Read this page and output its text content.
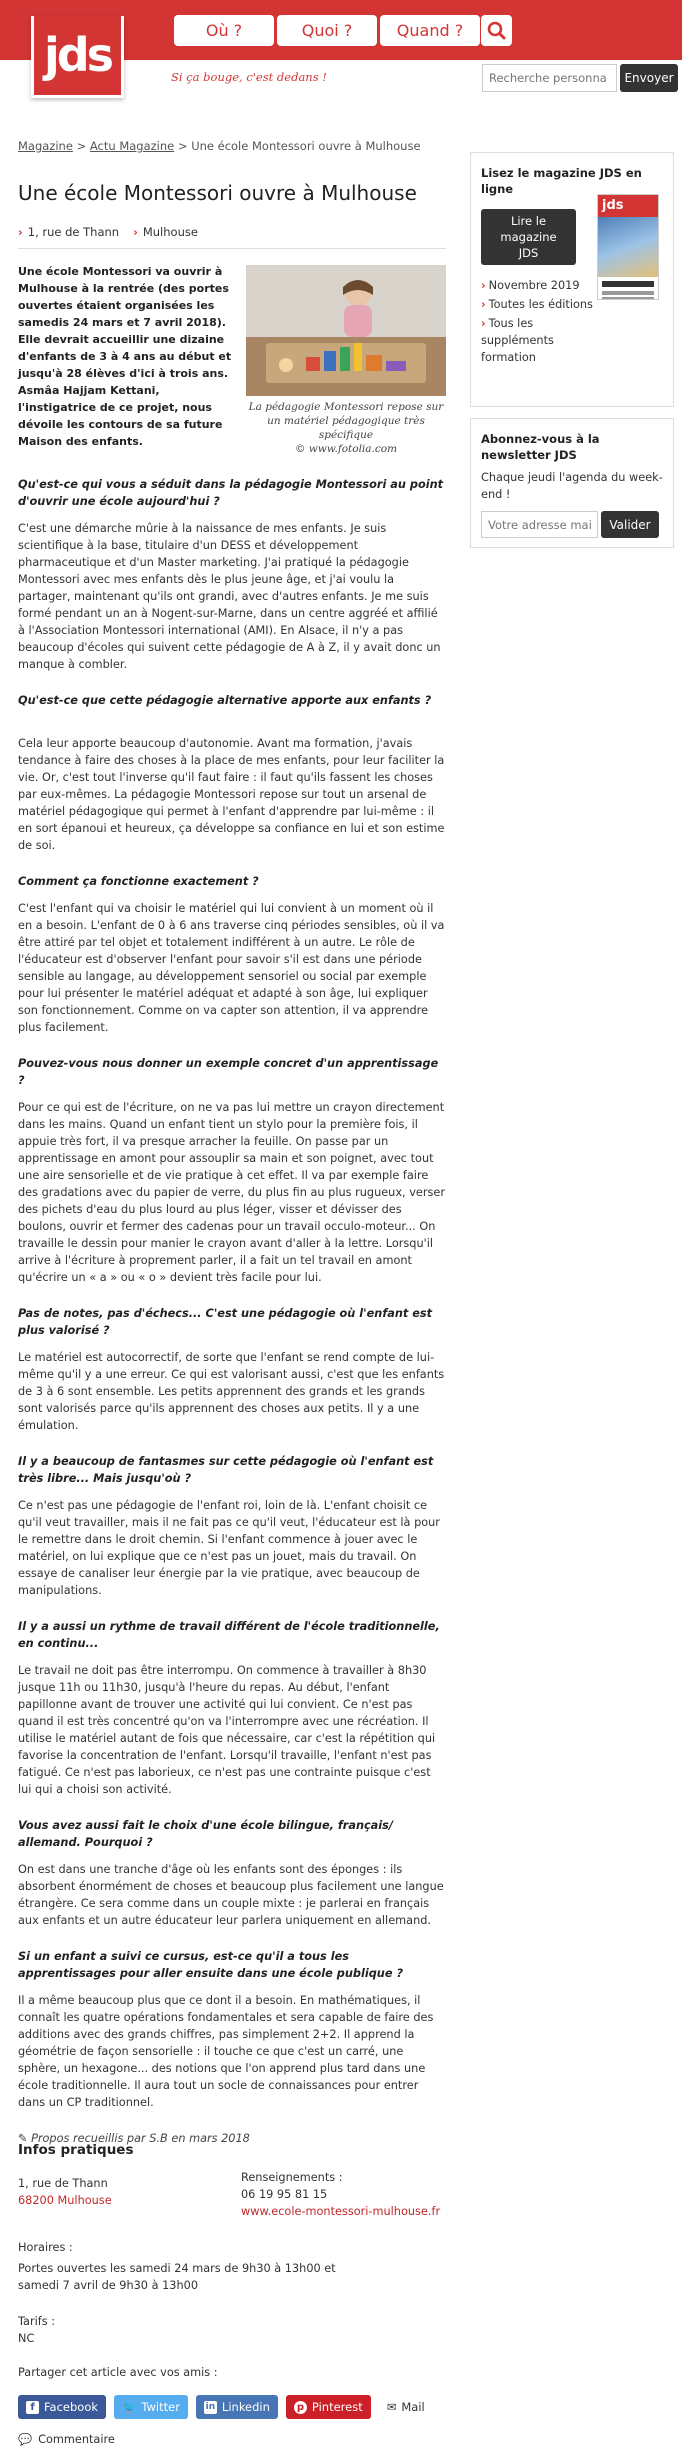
jds	Où ?	Quoi ?	Quand ?
Si ça bouge, c'est dedans !
Recherche personna	Envoyer
Magazine > Actu Magazine > Une école Montessori ouvre à Mulhouse
Une école Montessori ouvre à Mulhouse
› 1, rue de Thann › Mulhouse
Une école Montessori va ouvrir à Mulhouse à la rentrée (des portes ouvertes étaient organisées les samedis 24 mars et 7 avril 2018). Elle devrait accueillir une dizaine d'enfants de 3 à 4 ans au début et jusqu'à 28 élèves d'ici à trois ans. Asmâa Hajjam Kettani, l'instigatrice de ce projet, nous dévoile les contours de sa future Maison des enfants.
La pédagogie Montessori repose sur un matériel pédagogique très spécifique
© www.fotolia.com
Qu'est-ce qui vous a séduit dans la pédagogie Montessori au point d'ouvrir une école aujourd'hui ?
C'est une démarche mûrie à la naissance de mes enfants. Je suis scientifique à la base, titulaire d'un DESS et développement pharmaceutique et d'un Master marketing. J'ai pratiqué la pédagogie Montessori avec mes enfants dès le plus jeune âge, et j'ai voulu la partager, maintenant qu'ils ont grandi, avec d'autres enfants. Je me suis formé pendant un an à Nogent-sur-Marne, dans un centre aggréé et affilié à l'Association Montessori international (AMI). En Alsace, il n'y a pas beaucoup d'écoles qui suivent cette pédagogie de A à Z, il y avait donc un manque à combler.
Qu'est-ce que cette pédagogie alternative apporte aux enfants ?
Cela leur apporte beaucoup d'autonomie. Avant ma formation, j'avais tendance à faire des choses à la place de mes enfants, pour leur faciliter la vie. Or, c'est tout l'inverse qu'il faut faire : il faut qu'ils fassent les choses par eux-mêmes. La pédagogie Montessori repose sur tout un arsenal de matériel pédagogique qui permet à l'enfant d'apprendre par lui-même : il en sort épanoui et heureux, ça développe sa confiance en lui et son estime de soi.
Comment ça fonctionne exactement ?
C'est l'enfant qui va choisir le matériel qui lui convient à un moment où il en a besoin. L'enfant de 0 à 6 ans traverse cinq périodes sensibles, où il va être attiré par tel objet et totalement indifférent à un autre. Le rôle de l'éducateur est d'observer l'enfant pour savoir s'il est dans une période sensible au langage, au développement sensoriel ou social par exemple pour lui présenter le matériel adéquat et adapté à son âge, lui expliquer son fonctionnement. Comme on va capter son attention, il va apprendre plus facilement.
Pouvez-vous nous donner un exemple concret d'un apprentissage ?
Pour ce qui est de l'écriture, on ne va pas lui mettre un crayon directement dans les mains. Quand un enfant tient un stylo pour la première fois, il appuie très fort, il va presque arracher la feuille. On passe par un apprentissage en amont pour assouplir sa main et son poignet, avec tout une aire sensorielle et de vie pratique à cet effet. Il va par exemple faire des gradations avec du papier de verre, du plus fin au plus rugueux, verser des pichets d'eau du plus lourd au plus léger, visser et dévisser des boulons, ouvrir et fermer des cadenas pour un travail occulo-moteur... On travaille le dessin pour manier le crayon avant d'aller à la lettre. Lorsqu'il arrive à l'écriture à proprement parler, il a fait un tel travail en amont qu'écrire un « a » ou « o » devient très facile pour lui.
Pas de notes, pas d'échecs... C'est une pédagogie où l'enfant est plus valorisé ?
Le matériel est autocorrectif, de sorte que l'enfant se rend compte de lui-même qu'il y a une erreur. Ce qui est valorisant aussi, c'est que les enfants de 3 à 6 sont ensemble. Les petits apprennent des grands et les grands sont valorisés parce qu'ils apprennent des choses aux petits. Il y a une émulation.
Il y a beaucoup de fantasmes sur cette pédagogie où l'enfant est très libre... Mais jusqu'où ?
Ce n'est pas une pédagogie de l'enfant roi, loin de là. L'enfant choisit ce qu'il veut travailler, mais il ne fait pas ce qu'il veut, l'éducateur est là pour le remettre dans le droit chemin. Si l'enfant commence à jouer avec le matériel, on lui explique que ce n'est pas un jouet, mais du travail. On essaye de canaliser leur énergie par la vie pratique, avec beaucoup de manipulations.
Il y a aussi un rythme de travail différent de l'école traditionnelle, en continu...
Le travail ne doit pas être interrompu. On commence à travailler à 8h30 jusque 11h ou 11h30, jusqu'à l'heure du repas. Au début, l'enfant papillonne avant de trouver une activité qui lui convient. Ce n'est pas quand il est très concentré qu'on va l'interrompre avec une récréation. Il utilise le matériel autant de fois que nécessaire, car c'est la répétition qui favorise la concentration de l'enfant. Lorsqu'il travaille, l'enfant n'est pas fatigué. Ce n'est pas laborieux, ce n'est pas une contrainte puisque c'est lui qui a choisi son activité.
Vous avez aussi fait le choix d'une école bilingue, français/ allemand. Pourquoi ?
On est dans une tranche d'âge où les enfants sont des éponges : ils absorbent énormément de choses et beaucoup plus facilement une langue étrangère. Ce sera comme dans un couple mixte : je parlerai en français aux enfants et un autre éducateur leur parlera uniquement en allemand.
Si un enfant a suivi ce cursus, est-ce qu'il a tous les apprentissages pour aller ensuite dans une école publique ?
Il a même beaucoup plus que ce dont il a besoin. En mathématiques, il connaît les quatre opérations fondamentales et sera capable de faire des additions avec des grands chiffres, pas simplement 2+2. Il apprend la géométrie de façon sensorielle : il touche ce que c'est un carré, une sphère, un hexagone... des notions que l'on apprend plus tard dans une école traditionnelle. Il aura tout un socle de connaissances pour entrer dans un CP traditionnel.
✎ Propos recueillis par S.B en mars 2018
Lisez le magazine JDS en ligne
Lire le magazine JDS
› Novembre 2019
› Toutes les éditions
› Tous les suppléments formation
jds
Abonnez-vous à la newsletter JDS
Chaque jeudi l'agenda du week-end !
Votre adresse mail
Valider
Infos pratiques
1, rue de Thann
68200 Mulhouse
Renseignements :
06 19 95 81 15
www.ecole-montessori-mulhouse.fr
Horaires :
Portes ouvertes les samedi 24 mars de 9h30 à 13h00 et samedi 7 avril de 9h30 à 13h00
Tarifs :
NC
Partager cet article avec vos amis :
f Facebook 🐦 Twitter	in Linkedin	p Pinterest ✉ Mail
💬 Commentaire
